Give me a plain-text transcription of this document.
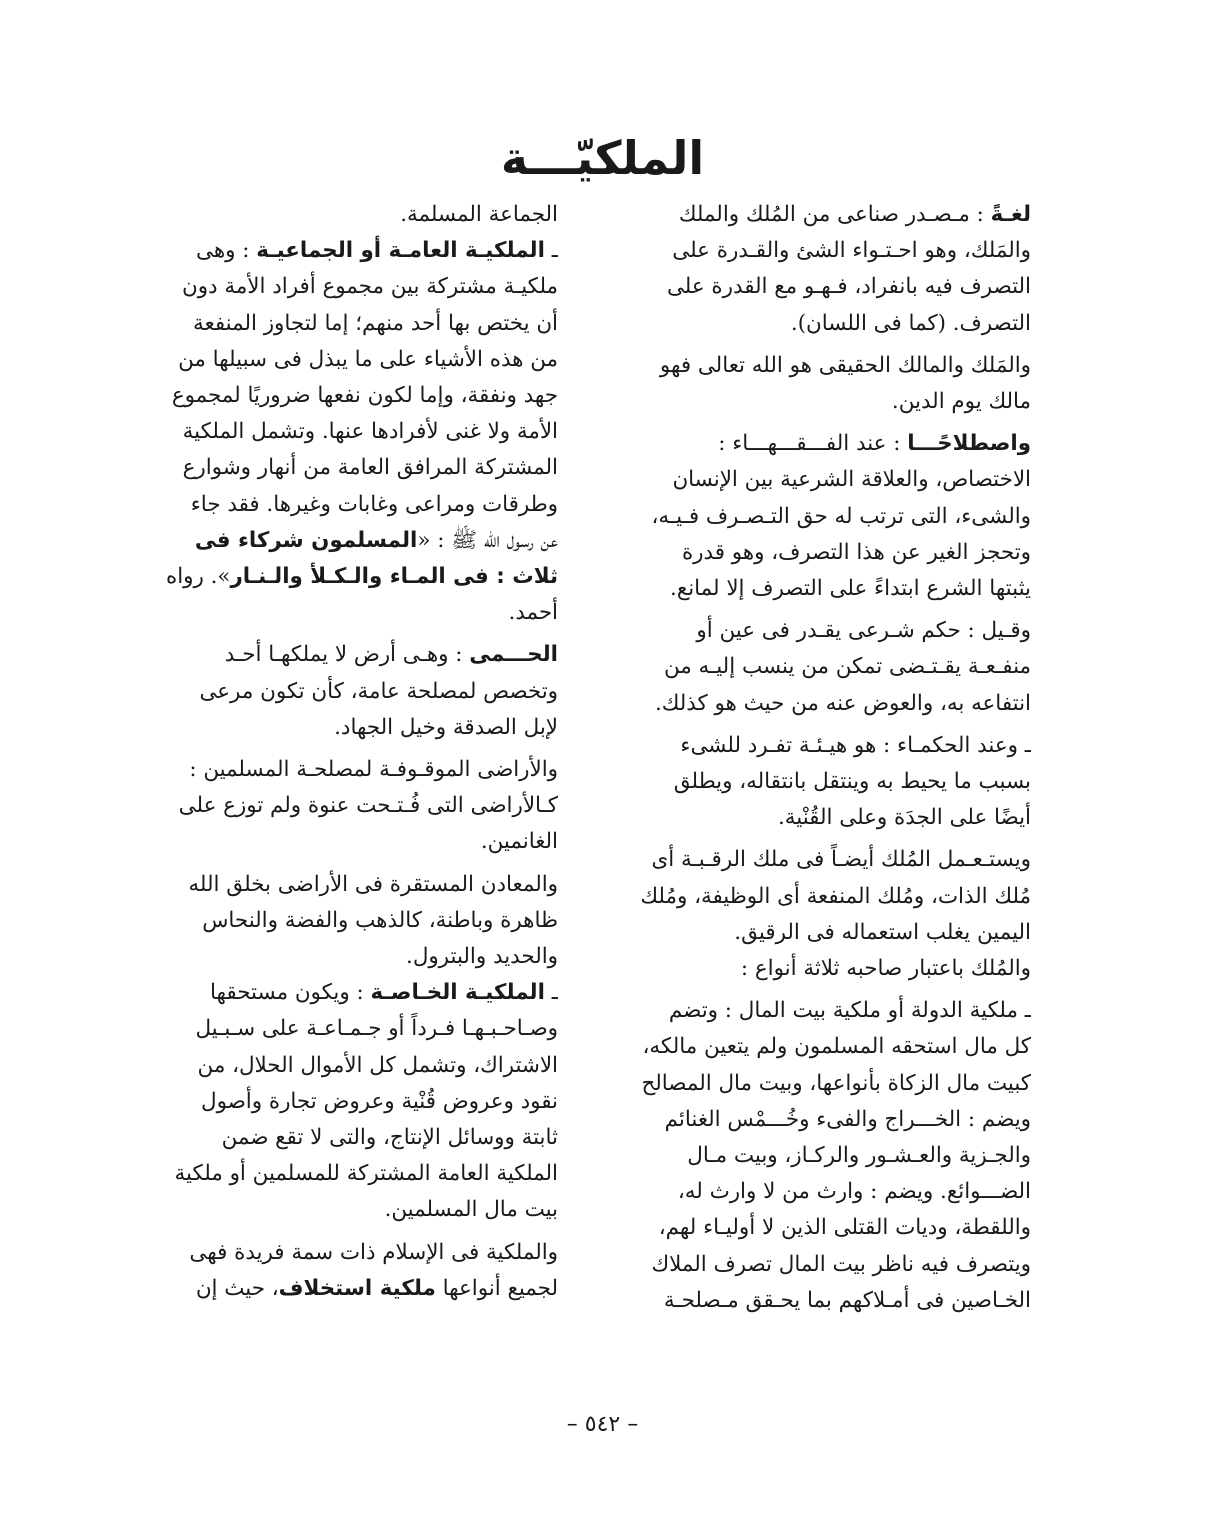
الملكيّـــة
لغـةً : مـصـدر صناعى من المُلك والملك
والمَلك، وهو احـتـواء الشئ والقـدرة على
التصرف فيه بانفراد، فـهـو مع القدرة على
التصرف. (كما فى اللسان).
والمَلك والمالك الحقيقى هو الله تعالى فهو
مالك يوم الدين.
واصطلاحًـــا : عند الفـــقـــهـــاء :
الاختصاص، والعلاقة الشرعية بين الإنسان
والشىء، التى ترتب له حق التـصـرف فـيـه،
وتحجز الغير عن هذا التصرف، وهو قدرة
يثبتها الشرع ابتداءً على التصرف إلا لمانع.
وقـيل : حكم شـرعى يقـدر فى عين أو
منفـعـة يقـتـضى تمكن من ينسب إليـه من
انتفاعه به، والعوض عنه من حيث هو كذلك.
ـ وعند الحكمـاء : هو هيـئـة تفـرد للشىء
بسبب ما يحيط به وينتقل بانتقاله، ويطلق
أيضًا على الجدَة وعلى القُنْية.
ويستـعـمل المُلك أيضـاً فى ملك الرقـبـة أى
مُلك الذات، ومُلك المنفعة أى الوظيفة، ومُلك
اليمين يغلب استعماله فى الرقيق.
والمُلك باعتبار صاحبه ثلاثة أنواع :
ـ ملكية الدولة أو ملكية بيت المال : وتضم
كل مال استحقه المسلمون ولم يتعين مالكه،
كبيت مال الزكاة بأنواعها، وبيت مال المصالح
ويضم : الخـــراج والفىء وخُـــمْس الغنائم
والجـزية والعـشـور والركـاز، وبيت مـال
الضـــوائع. ويضم : وارث من لا وارث له،
واللقطة، وديات القتلى الذين لا أوليـاء لهم،
ويتصرف فيه ناظر بيت المال تصرف الملاك
الخـاصين فى أمـلاكهم بما يحـقق مـصلحـة
الجماعة المسلمة.
ـ الملكيـة العامـة أو الجماعيـة : وهى
ملكيـة مشتركة بين مجموع أفراد الأمة دون
أن يختص بها أحد منهم؛ إما لتجاوز المنفعة
من هذه الأشياء على ما يبذل فى سبيلها من
جهد ونفقة، وإما لكون نفعها ضروريًا لمجموع
الأمة ولا غنى لأفرادها عنها. وتشمل الملكية
المشتركة المرافق العامة من أنهار وشوارع
وطرقات ومراعى وغابات وغيرها. فقد جاء
عن رسول الله ﷺ : «المسلمون شركاء فى
ثلاث : فى المـاء والـكـلأ والـنـار». رواه
أحمد.
الحـــمى : وهـى أرض لا يملكهـا أحـد
وتخصص لمصلحة عامة، كأن تكون مرعى
لإبل الصدقة وخيل الجهاد.
والأراضى الموقـوفـة لمصلحـة المسلمين :
كـالأراضى التى فُـتـحت عنوة ولم توزع على
الغانمين.
والمعادن المستقرة فى الأراضى بخلق الله
ظاهرة وباطنة، كالذهب والفضة والنحاس
والحديد والبترول.
ـ الملكيـة الخـاصـة : ويكون مستحقها
وصـاحـبـهـا فـرداً أو جـمـاعـة على سـبـيل
الاشتراك، وتشمل كل الأموال الحلال، من
نقود وعروض قُنْية وعروض تجارة وأصول
ثابتة ووسائل الإنتاج، والتى لا تقع ضمن
الملكية العامة المشتركة للمسلمين أو ملكية
بيت مال المسلمين.
والملكية فى الإسلام ذات سمة فريدة فهى
لجميع أنواعها ملكية استخلاف، حيث إن
– ٥٤٢ –
